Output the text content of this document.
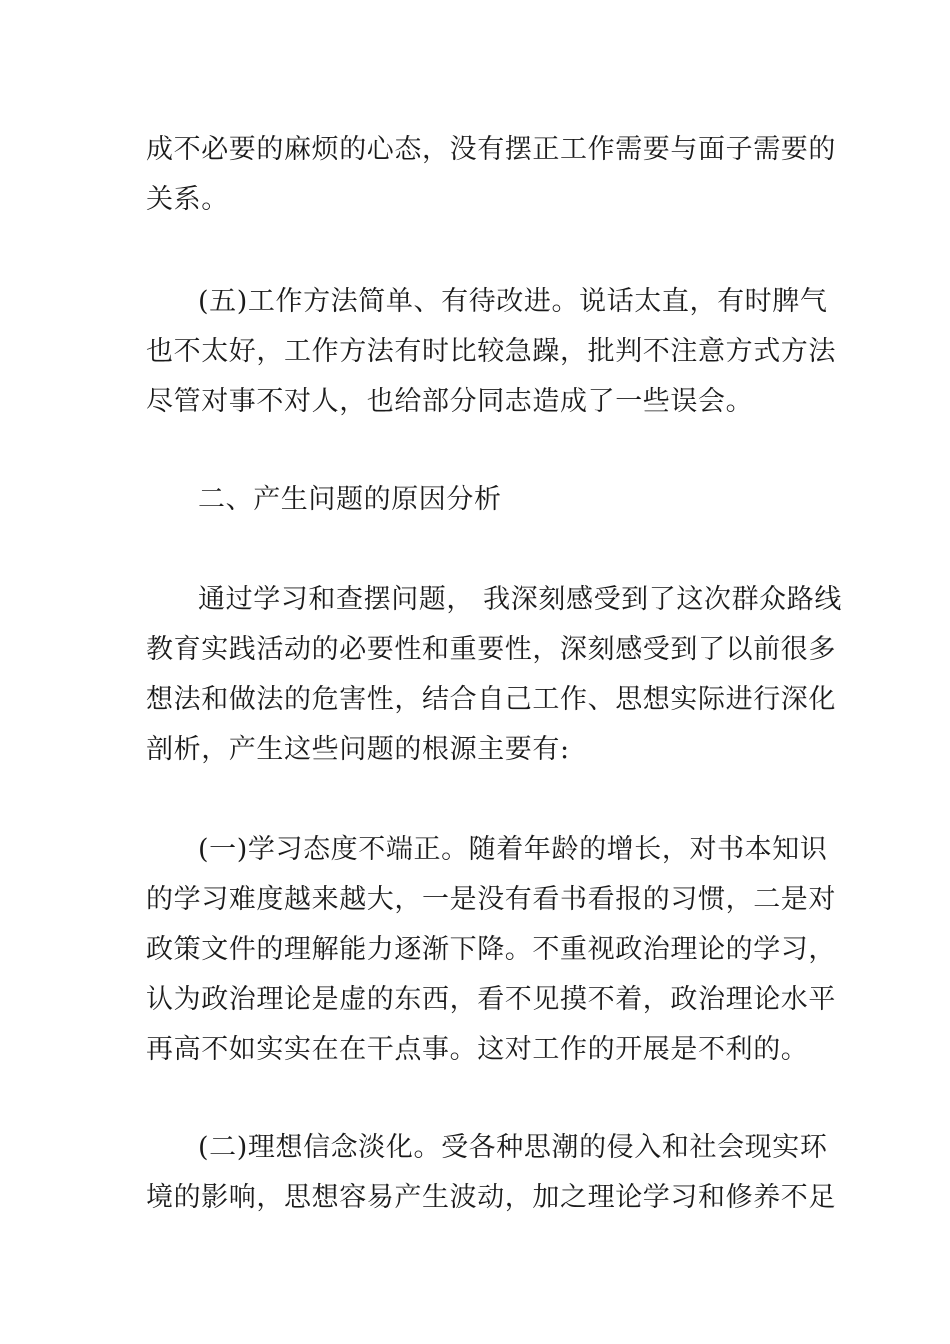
成不必要的麻烦的心态，没有摆正工作需要与面子需要的
关系。
(五)工作方法简单、有待改进。说话太直，有时脾气
也不太好，工作方法有时比较急躁，批判不注意方式方法
尽管对事不对人，也给部分同志造成了一些误会。
二、产生问题的原因分析
通过学习和查摆问题， 我深刻感受到了这次群众路线
教育实践活动的必要性和重要性，深刻感受到了以前很多
想法和做法的危害性，结合自己工作、思想实际进行深化
剖析，产生这些问题的根源主要有:
(一)学习态度不端正。随着年龄的增长，对书本知识
的学习难度越来越大，一是没有看书看报的习惯，二是对
政策文件的理解能力逐渐下降。不重视政治理论的学习，
认为政治理论是虚的东西，看不见摸不着，政治理论水平
再高不如实实在在干点事。这对工作的开展是不利的。
(二)理想信念淡化。受各种思潮的侵入和社会现实环
境的影响，思想容易产生波动，加之理论学习和修养不足
